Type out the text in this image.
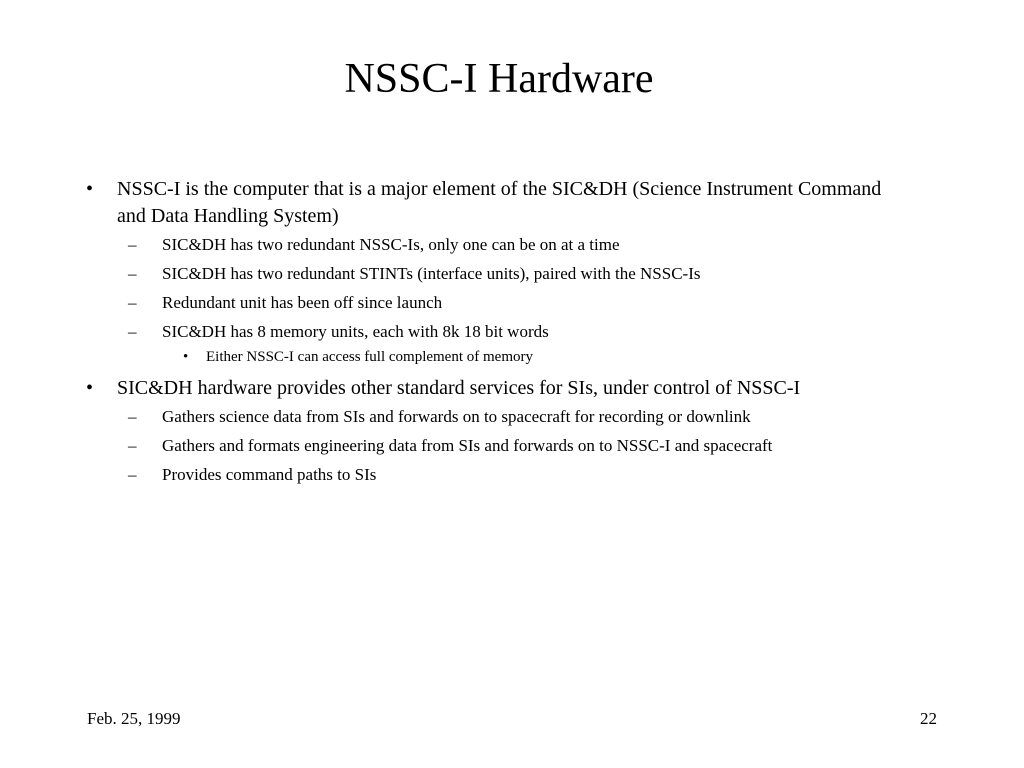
NSSC-I Hardware
• NSSC-I is the computer that is a major element of the SIC&DH (Science Instrument Command and Data Handling System)
– SIC&DH has two redundant NSSC-Is, only one can be on at a time
– SIC&DH has two redundant STINTs (interface units), paired with the NSSC-Is
– Redundant unit has been off since launch
– SIC&DH has 8 memory units, each with 8k 18 bit words
• Either NSSC-I can access full complement of memory
• SIC&DH hardware provides other standard services for SIs, under control of NSSC-I
– Gathers science data from SIs and forwards on to spacecraft for recording or downlink
– Gathers and formats engineering data from SIs and forwards on to NSSC-I and spacecraft
– Provides command paths to SIs
Feb. 25, 1999	22
